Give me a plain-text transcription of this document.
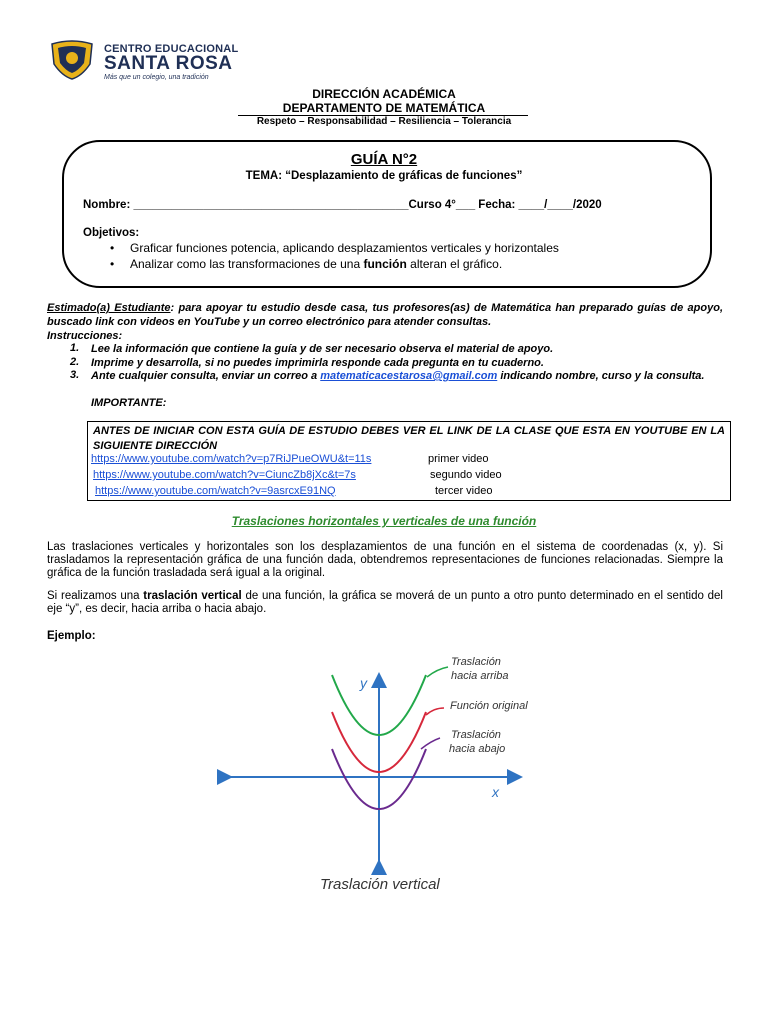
CENTRO EDUCACIONAL
SANTA ROSA
Más que un colegio, una tradición
DIRECCIÓN ACADÉMICA
DEPARTAMENTO DE MATEMÁTICA
Respeto – Responsabilidad – Resiliencia – Tolerancia
GUÍA N°2
TEMA: “Desplazamiento de gráficas de funciones”
Nombre: ___________________________________________Curso 4°___ Fecha: ____/____/2020
Objetivos:
• Graficar funciones potencia, aplicando desplazamientos verticales y horizontales
• Analizar como las transformaciones de una función alteran el gráfico.
Estimado(a) Estudiante: para apoyar tu estudio desde casa, tus profesores(as) de Matemática han preparado guías de apoyo, buscado link con videos en YouTube y un correo electrónico para atender consultas.
Instrucciones:
1. Lee la información que contiene la guía y de ser necesario observa el material de apoyo.
2. Imprime y desarrolla, si no puedes imprimirla responde cada pregunta en tu cuaderno.
3. Ante cualquier consulta, enviar un correo a matematicacestarosa@gmail.com indicando nombre, curso y la consulta.
IMPORTANTE:
ANTES DE INICIAR CON ESTA GUÍA DE ESTUDIO DEBES VER EL LINK DE LA CLASE QUE ESTA EN YOUTUBE EN LA SIGUIENTE DIRECCIÓN
https://www.youtube.com/watch?v=p7RiJPueOWU&t=11s	primer video
https://www.youtube.com/watch?v=CiuncZb8jXc&t=7s	segundo video
https://www.youtube.com/watch?v=9asrcxE91NQ	tercer video
Traslaciones horizontales y verticales de una función
Las traslaciones verticales y horizontales son los desplazamientos de una función en el sistema de coordenadas (x, y). Si trasladamos la representación gráfica de una función dada, obtendremos representaciones de funciones relacionadas. Siempre la gráfica de la función trasladada será igual a la original.
Si realizamos una traslación vertical de una función, la gráfica se moverá de un punto a otro punto determinado en el sentido del eje “y”, es decir, hacia arriba o hacia abajo.
Ejemplo:
y
x
Traslación
hacia arriba
Función original
Traslación
hacia abajo
Traslación vertical
